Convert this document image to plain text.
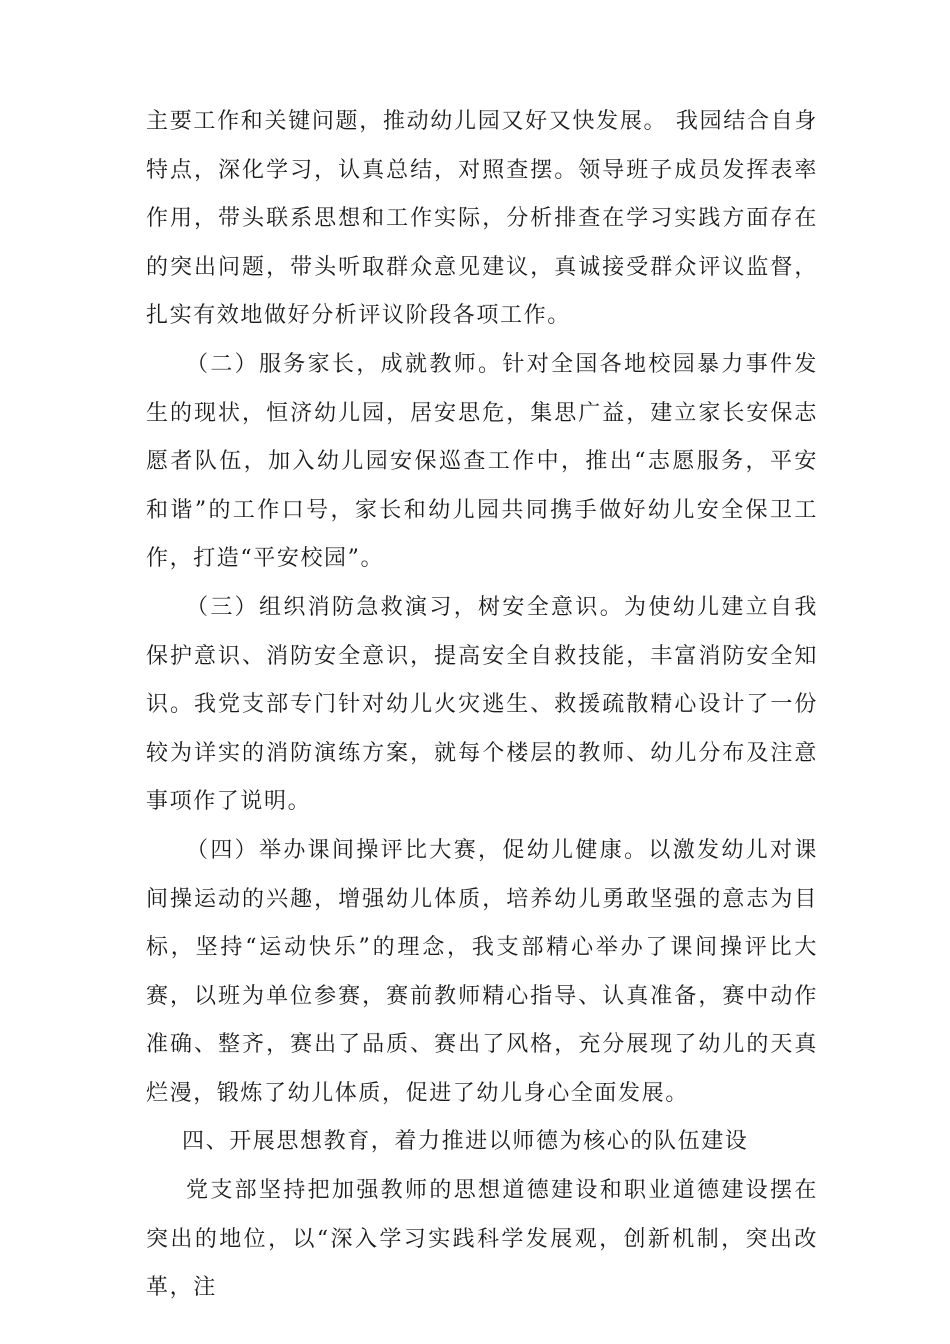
主要工作和关键问题，推动幼儿园又好又快发展。 我园结合自身特点，深化学习，认真总结，对照查摆。领导班子成员发挥表率作用，带头联系思想和工作实际，分析排查在学习实践方面存在的突出问题，带头听取群众意见建议，真诚接受群众评议监督，扎实有效地做好分析评议阶段各项工作。

（二）服务家长，成就教师。针对全国各地校园暴力事件发生的现状，恒济幼儿园，居安思危，集思广益，建立家长安保志愿者队伍，加入幼儿园安保巡查工作中，推出“志愿服务，平安和谐”的工作口号，家长和幼儿园共同携手做好幼儿安全保卫工作，打造“平安校园”。

（三）组织消防急救演习，树安全意识。为使幼儿建立自我保护意识、消防安全意识，提高安全自救技能，丰富消防安全知识。我党支部专门针对幼儿火灾逃生、救援疏散精心设计了一份较为详实的消防演练方案，就每个楼层的教师、幼儿分布及注意事项作了说明。

（四）举办课间操评比大赛，促幼儿健康。以激发幼儿对课间操运动的兴趣，增强幼儿体质，培养幼儿勇敢坚强的意志为目标，坚持“运动快乐”的理念，我支部精心举办了课间操评比大赛，以班为单位参赛，赛前教师精心指导、认真准备，赛中动作准确、整齐，赛出了品质、赛出了风格，充分展现了幼儿的天真烂漫，锻炼了幼儿体质，促进了幼儿身心全面发展。

四、开展思想教育，着力推进以师德为核心的队伍建设

党支部坚持把加强教师的思想道德建设和职业道德建设摆在突出的地位，以“深入学习实践科学发展观，创新机制，突出改革，注
